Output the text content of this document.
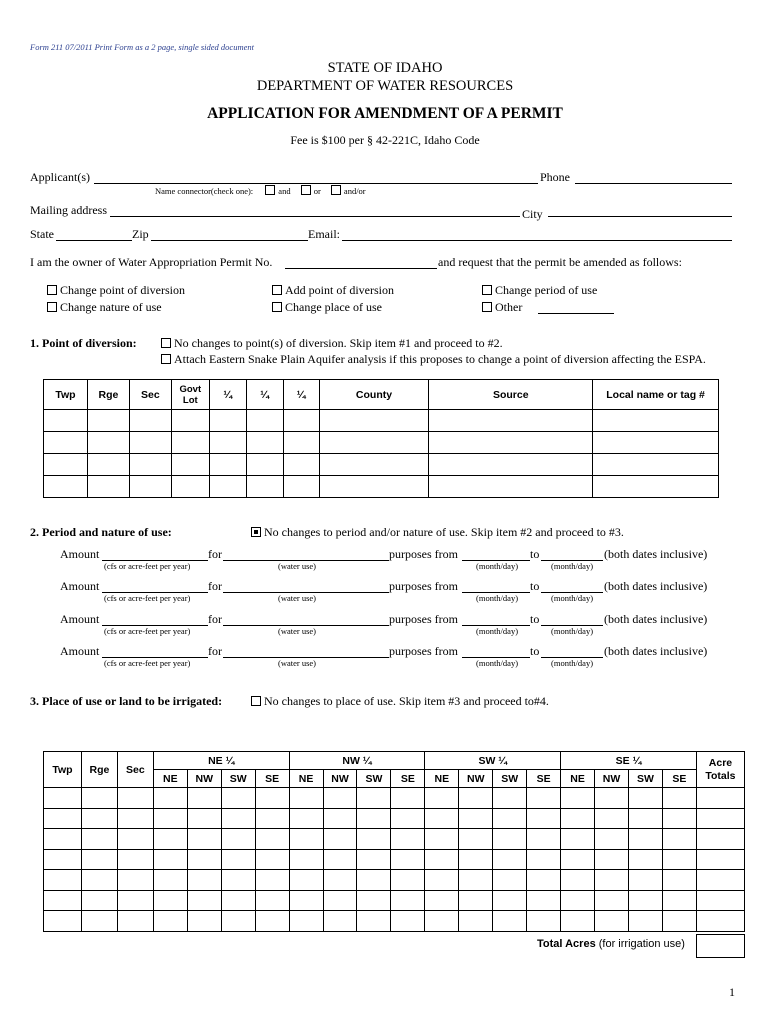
Form 211 07/2011 Print Form as a 2 page, single sided document
STATE OF IDAHO
DEPARTMENT OF WATER RESOURCES
APPLICATION FOR AMENDMENT OF A PERMIT
Fee is $100 per § 42-221C, Idaho Code
Applicant(s)	Phone
Name connector(check one):	and	or	and/or
Mailing address	City
State	Zip	Email:
I am the owner of Water Appropriation Permit No.	and request that the permit be amended as follows:
Change point of diversion	Add point of diversion	Change period of use
Change nature of use	Change place of use	Other
1. Point of diversion:	No changes to point(s) of diversion. Skip item #1 and proceed to #2.
Attach Eastern Snake Plain Aquifer analysis if this proposes to change a point of diversion affecting the ESPA.
Twp	Rge	Sec	Govt Lot	¼	¼	¼	County	Source	Local name or tag #

2. Period and nature of use:	No changes to period and/or nature of use. Skip item #2 and proceed to #3.
Amount	for	purposes from	to	(both dates inclusive)
(cfs or acre-feet per year)	(water use)	(month/day)	(month/day)
Amount	for	purposes from	to	(both dates inclusive)
(cfs or acre-feet per year)	(water use)	(month/day)	(month/day)
Amount	for	purposes from	to	(both dates inclusive)
(cfs or acre-feet per year)	(water use)	(month/day)	(month/day)
Amount	for	purposes from	to	(both dates inclusive)
(cfs or acre-feet per year)	(water use)	(month/day)	(month/day)
3. Place of use or land to be irrigated:	No changes to place of use. Skip item #3 and proceed to#4.
Twp	Rge	Sec	NE ¼				NW ¼				SW ¼				SE ¼				Acre Totals
			NE	NW	SW	SE	NE	NW	SW	SE	NE	NW	SW	SE	NE	NW	SW	SE	

Total Acres (for irrigation use)
1
